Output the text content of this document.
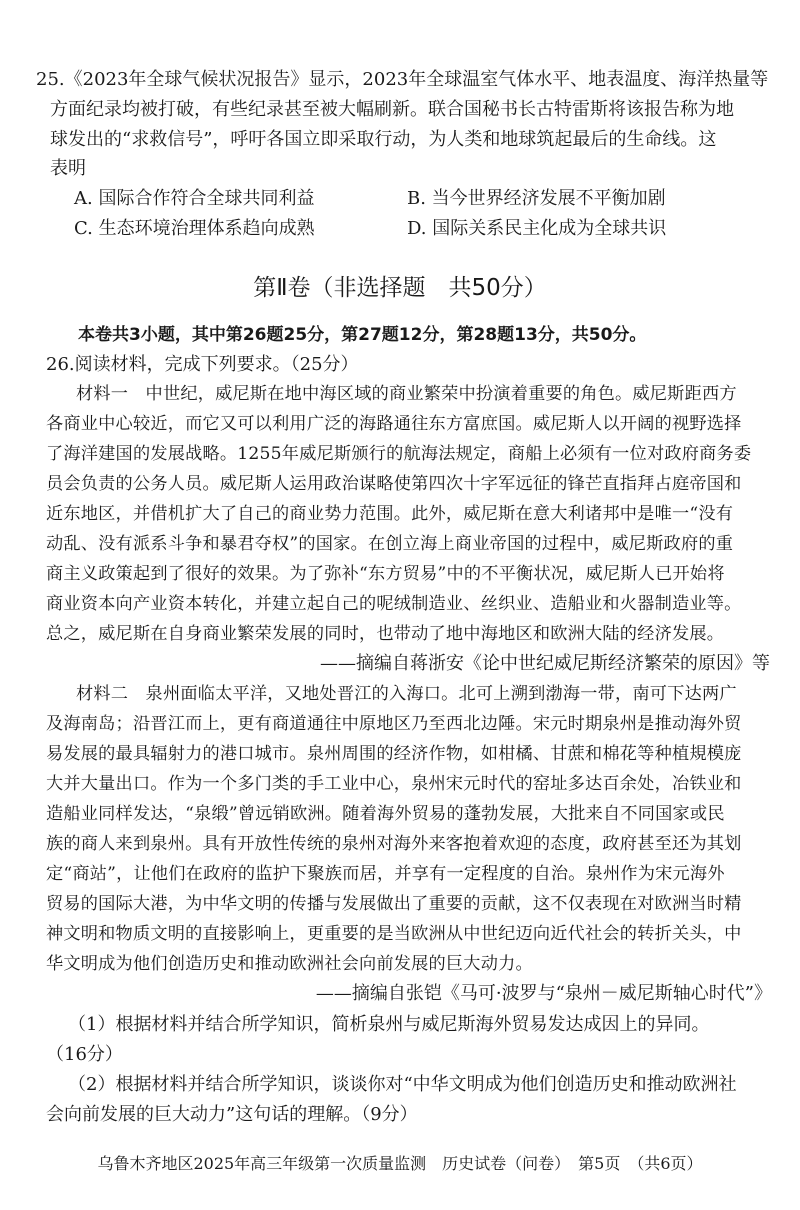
25.《2023年全球气候状况报告》显示，2023年全球温室气体水平、地表温度、海洋热量等
方面纪录均被打破，有些纪录甚至被大幅刷新。联合国秘书长古特雷斯将该报告称为地
球发出的“求救信号”，呼吁各国立即采取行动，为人类和地球筑起最后的生命线。这
表明
A. 国际合作符合全球共同利益	B. 当今世界经济发展不平衡加剧
C. 生态环境治理体系趋向成熟	D. 国际关系民主化成为全球共识
第Ⅱ卷（非选择题　共50分）
本卷共3小题，其中第26题25分，第27题12分，第28题13分，共50分。
26.阅读材料，完成下列要求。（25分）
材料一　中世纪，威尼斯在地中海区域的商业繁荣中扮演着重要的角色。威尼斯距西方
各商业中心较近，而它又可以利用广泛的海路通往东方富庶国。威尼斯人以开阔的视野选择
了海洋建国的发展战略。1255年威尼斯颁行的航海法规定，商船上必须有一位对政府商务委
员会负责的公务人员。威尼斯人运用政治谋略使第四次十字军远征的锋芒直指拜占庭帝国和
近东地区，并借机扩大了自己的商业势力范围。此外，威尼斯在意大利诸邦中是唯一“没有
动乱、没有派系斗争和暴君夺权”的国家。在创立海上商业帝国的过程中，威尼斯政府的重
商主义政策起到了很好的效果。为了弥补“东方贸易”中的不平衡状况，威尼斯人已开始将
商业资本向产业资本转化，并建立起自己的呢绒制造业、丝织业、造船业和火器制造业等。
总之，威尼斯在自身商业繁荣发展的同时，也带动了地中海地区和欧洲大陆的经济发展。
——摘编自蒋浙安《论中世纪威尼斯经济繁荣的原因》等
材料二　泉州面临太平洋，又地处晋江的入海口。北可上溯到渤海一带，南可下达两广
及海南岛；沿晋江而上，更有商道通往中原地区乃至西北边陲。宋元时期泉州是推动海外贸
易发展的最具辐射力的港口城市。泉州周围的经济作物，如柑橘、甘蔗和棉花等种植規模庞
大并大量出口。作为一个多门类的手工业中心，泉州宋元时代的窑址多达百余处，冶铁业和
造船业同样发达，“泉缎”曾远销欧洲。随着海外贸易的蓬勃发展，大批来自不同国家或民
族的商人来到泉州。具有开放性传统的泉州对海外来客抱着欢迎的态度，政府甚至还为其划
定“商站”，让他们在政府的监护下聚族而居，并享有一定程度的自治。泉州作为宋元海外
贸易的国际大港，为中华文明的传播与发展做出了重要的贡献，这不仅表现在对欧洲当时精
神文明和物质文明的直接影响上，更重要的是当欧洲从中世纪迈向近代社会的转折关头，中
华文明成为他们创造历史和推动欧洲社会向前发展的巨大动力。
——摘编自张铠《马可·波罗与“泉州－威尼斯轴心时代”》
（1）根据材料并结合所学知识，简析泉州与威尼斯海外贸易发达成因上的异同。
（16分）
（2）根据材料并结合所学知识，谈谈你对“中华文明成为他们创造历史和推动欧洲社
会向前发展的巨大动力”这句话的理解。（9分）
乌鲁木齐地区2025年高三年级第一次质量监测　历史试卷（问卷）　第5页　（共6页）
